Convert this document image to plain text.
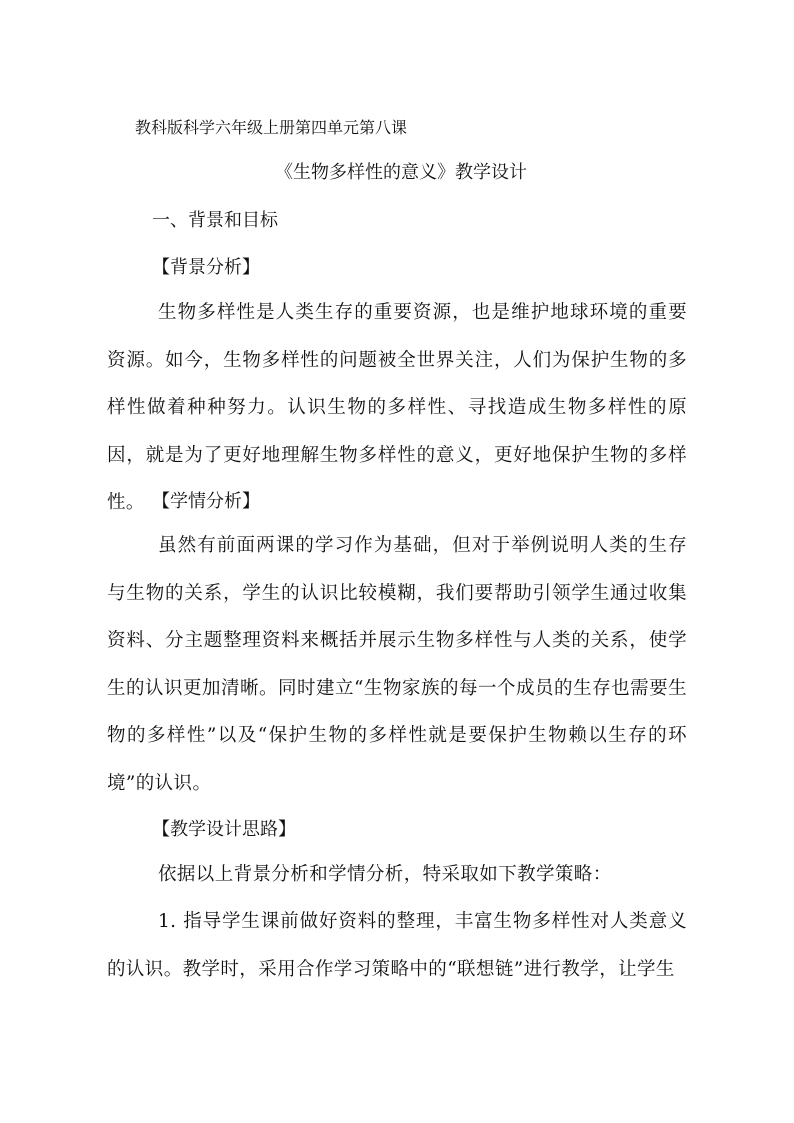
教科版科学六年级上册第四单元第八课
《生物多样性的意义》教学设计
一、背景和目标
【背景分析】
生物多样性是人类生存的重要资源，也是维护地球环境的重要资源。如今，生物多样性的问题被全世界关注，人们为保护生物的多样性做着种种努力。认识生物的多样性、寻找造成生物多样性的原因，就是为了更好地理解生物多样性的意义，更好地保护生物的多样性。 【学情分析】
虽然有前面两课的学习作为基础，但对于举例说明人类的生存与生物的关系，学生的认识比较模糊，我们要帮助引领学生通过收集资料、分主题整理资料来概括并展示生物多样性与人类的关系，使学生的认识更加清晰。同时建立“生物家族的每一个成员的生存也需要生物的多样性”以及“保护生物的多样性就是要保护生物赖以生存的环境”的认识。
【教学设计思路】
依据以上背景分析和学情分析，特采取如下教学策略：
1. 指导学生课前做好资料的整理，丰富生物多样性对人类意义的认识。教学时，采用合作学习策略中的“联想链”进行教学，让学生
